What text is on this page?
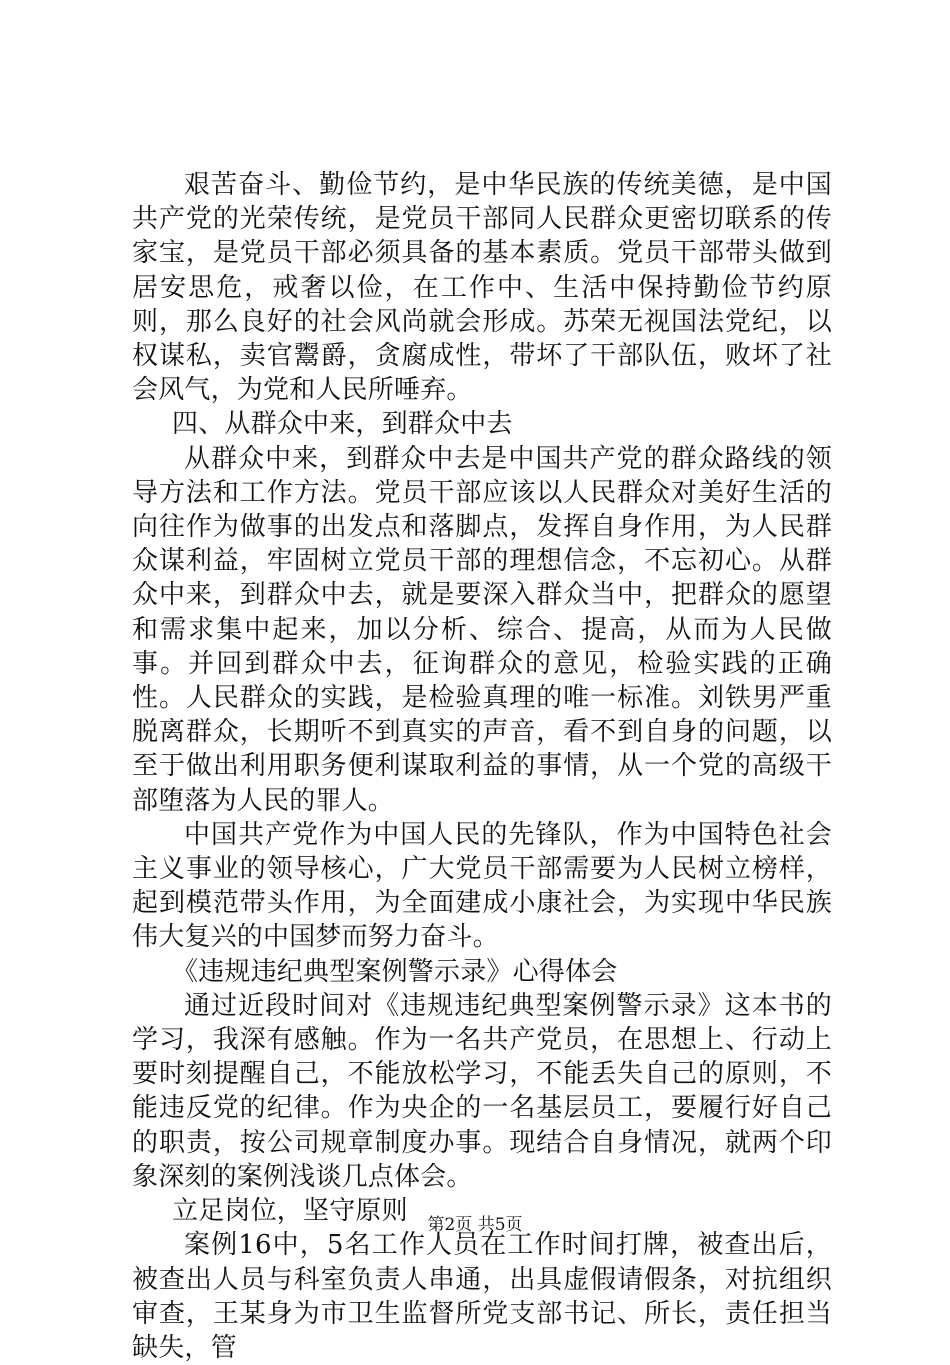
艰苦奋斗、勤俭节约，是中华民族的传统美德，是中国共产党的光荣传统，是党员干部同人民群众更密切联系的传家宝，是党员干部必须具备的基本素质。党员干部带头做到居安思危，戒奢以俭，在工作中、生活中保持勤俭节约原则，那么良好的社会风尚就会形成。苏荣无视国法党纪，以权谋私，卖官鬻爵，贪腐成性，带坏了干部队伍，败坏了社会风气，为党和人民所唾弃。

四、从群众中来，到群众中去

从群众中来，到群众中去是中国共产党的群众路线的领导方法和工作方法。党员干部应该以人民群众对美好生活的向往作为做事的出发点和落脚点，发挥自身作用，为人民群众谋利益，牢固树立党员干部的理想信念，不忘初心。从群众中来，到群众中去，就是要深入群众当中，把群众的愿望和需求集中起来，加以分析、综合、提高，从而为人民做事。并回到群众中去，征询群众的意见，检验实践的正确性。人民群众的实践，是检验真理的唯一标准。刘铁男严重脱离群众，长期听不到真实的声音，看不到自身的问题，以至于做出利用职务便利谋取利益的事情，从一个党的高级干部堕落为人民的罪人。

中国共产党作为中国人民的先锋队，作为中国特色社会主义事业的领导核心，广大党员干部需要为人民树立榜样，起到模范带头作用，为全面建成小康社会，为实现中华民族伟大复兴的中国梦而努力奋斗。

《违规违纪典型案例警示录》心得体会

通过近段时间对《违规违纪典型案例警示录》这本书的学习，我深有感触。作为一名共产党员，在思想上、行动上要时刻提醒自己，不能放松学习，不能丢失自己的原则，不能违反党的纪律。作为央企的一名基层员工，要履行好自己的职责，按公司规章制度办事。现结合自身情况，就两个印象深刻的案例浅谈几点体会。

立足岗位，坚守原则

案例16中，5名工作人员在工作时间打牌，被查出后，被查出人员与科室负责人串通，出具虚假请假条，对抗组织审查，王某身为市卫生监督所党支部书记、所长，责任担当缺失，管

第2页 共5页
